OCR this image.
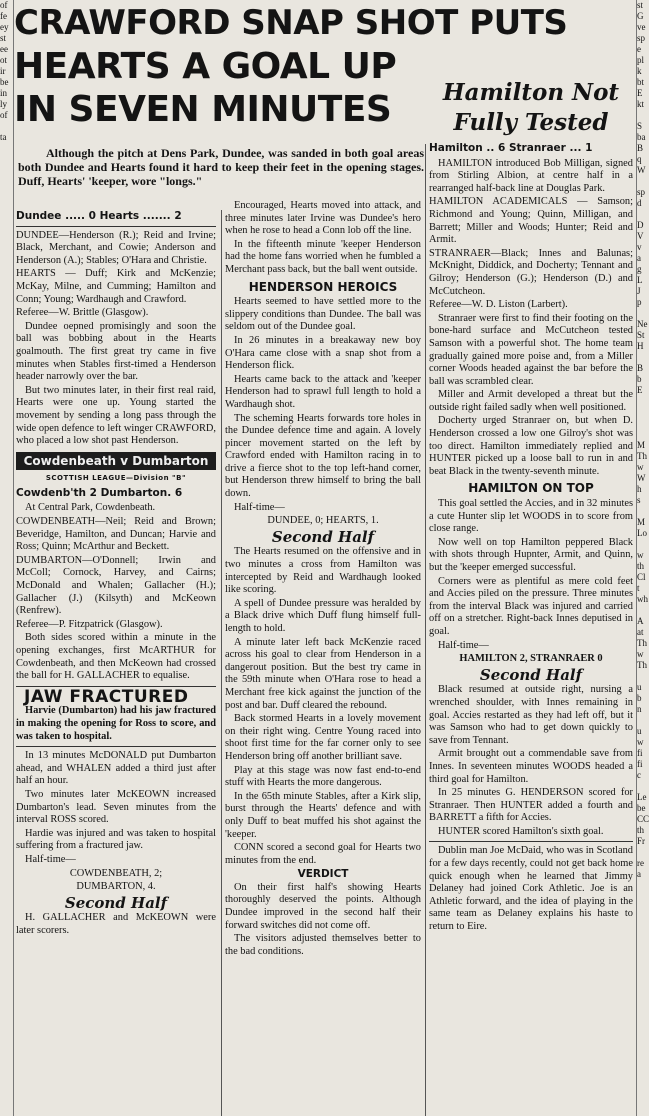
of
fe
ey
st
ee
ot
ir
be
in
ly
of

ta

st
G
ve
sp
e
pl
k
bt
E
kt

S
ba
B
q
W

sp
d

D
V
v
a
g
L
J
p

Ne
St
H

B
b
E

M
Th
w
W
h
s

M
Lo

w
th
Cl
t
wh

A
at
Th
w
Th

u
b
n

u
w
fi
fi
c

Le
be
CC
th
Fr

re
a
CRAWFORD SNAP SHOT PUTS
HEARTS A GOAL UP
IN SEVEN MINUTES

Although the pitch at Dens Park, Dundee, was sanded in both goal areas both Dundee and Hearts found it hard to keep their feet in the opening stages. Duff, Hearts' 'keeper, wore "longs."

Dundee ..... 0 Hearts ....... 2

DUNDEE—Henderson (R.); Reid and Irvine; Black, Merchant, and Cowie; Anderson and Henderson (A.); Stables; O'Hara and Christie.

HEARTS — Duff; Kirk and McKenzie; McKay, Milne, and Cumming; Hamilton and Conn; Young; Wardhaugh and Crawford.

Referee—W. Brittle (Glasgow).

Dundee oepned promisingly and soon the ball was bobbing about in the Hearts goalmouth. The first great try came in five minutes when Stables first-timed a Henderson header narrowly over the bar.

But two minutes later, in their first real raid, Hearts were one up. Young started the movement by sending a long pass through the wide open defence to left winger CRAWFORD, who placed a low shot past Henderson.

Cowdenbeath v Dumbarton
SCOTTISH LEAGUE—Division "B"
Cowdenb'th 2 Dumbarton. 6

At Central Park, Cowdenbeath.

COWDENBEATH—Neil; Reid and Brown; Beveridge, Hamilton, and Duncan; Harvie and Ross; Quinn; McArthur and Beckett.

DUMBARTON—O'Donnell; Irwin and McColl; Cornock, Harvey, and Cairns; McDonald and Whalen; Gallacher (H.); Gallacher (J.) (Kilsyth) and McKeown (Renfrew).

Referee—P. Fitzpatrick (Glasgow).

Both sides scored within a minute in the opening exchanges, first McARTHUR for Cowdenbeath, and then McKeown had crossed the ball for H. GALLACHER to equalise.

JAW FRACTURED

Harvie (Dumbarton) had his jaw fractured in making the opening for Ross to score, and was taken to hospital.

In 13 minutes McDONALD put Dumbarton ahead, and WHALEN added a third just after half an hour.

Two minutes later McKEOWN increased Dumbarton's lead. Seven minutes from the interval ROSS scored.

Hardie was injured and was taken to hospital suffering from a fractured jaw.

Half-time—

COWDENBEATH, 2;

DUMBARTON, 4.

Second Half

H. GALLACHER and McKEOWN were later scorers.

Encouraged, Hearts moved into attack, and three minutes later Irvine was Dundee's hero when he rose to head a Conn lob off the line.

In the fifteenth minute 'keeper Henderson had the home fans worried when he fumbled a Merchant pass back, but the ball went outside.

HENDERSON HEROICS

Hearts seemed to have settled more to the slippery conditions than Dundee. The ball was seldom out of the Dundee goal.

In 26 minutes in a breakaway new boy O'Hara came close with a snap shot from a Henderson flick.

Hearts came back to the attack and 'keeper Henderson had to sprawl full length to hold a Wardhaugh shot.

The scheming Hearts forwards tore holes in the Dundee defence time and again. A lovely pincer movement started on the left by Crawford ended with Hamilton racing in to drive a fierce shot to the top left-hand corner, but Henderson threw himself to bring the ball down.

Half-time—

DUNDEE, 0; HEARTS, 1.

Second Half

The Hearts resumed on the offensive and in two minutes a cross from Hamilton was intercepted by Reid and Wardhaugh looked like scoring.

A spell of Dundee pressure was heralded by a Black drive which Duff flung himself full-length to hold.

A minute later left back McKenzie raced across his goal to clear from Henderson in a dangerout position. But the best try came in the 59th minute when O'Hara rose to head a Merchant free kick against the junction of the post and bar. Duff cleared the rebound.

Back stormed Hearts in a lovely movement on their right wing. Centre Young raced into shoot first time for the far corner only to see Henderson bring off another brilliant save.

Play at this stage was now fast end-to-end stuff with Hearts the more dangerous.

In the 65th minute Stables, after a Kirk slip, burst through the Hearts' defence and with only Duff to beat muffed his shot against the 'keeper.

CONN scored a second goal for Hearts two minutes from the end.

VERDICT

On their first half's showing Hearts thoroughly deserved the points. Although Dundee improved in the second half their forward switches did not come off.

The visitors adjusted themselves better to the bad conditions.

Hamilton Not Fully Tested
Hamilton .. 6 Stranraer ... 1

HAMILTON introduced Bob Milligan, signed from Stirling Albion, at centre half in a rearranged half-back line at Douglas Park.

HAMILTON ACADEMICALS — Samson; Richmond and Young; Quinn, Milligan, and Barrett; Miller and Woods; Hunter; Reid and Armit.

STRANRAER—Black; Innes and Balunas; McKnight, Diddick, and Docherty; Tennant and Gilroy; Henderson (G.); Henderson (D.) and McCutcheon.

Referee—W. D. Liston (Larbert).

Stranraer were first to find their footing on the bone-hard surface and McCutcheon tested Samson with a powerful shot. The home team gradually gained more poise and, from a Miller corner Woods headed against the bar before the ball was scrambled clear.

Miller and Armit developed a threat but the outside right failed sadly when well positioned.

Docherty urged Stranraer on, but when D. Henderson crossed a low one Gilroy's shot was too direct. Hamilton immediately replied and HUNTER picked up a loose ball to run in and beat Black in the twenty-seventh minute.

HAMILTON ON TOP

This goal settled the Accies, and in 32 minutes a cute Hunter slip let WOODS in to score from close range.

Now well on top Hamilton peppered Black with shots through Hupnter, Armit, and Quinn, but the 'keeper emerged successful.

Corners were as plentiful as mere cold feet and Accies piled on the pressure. Three minutes from the interval Black was injured and carried off on a stretcher. Right-back Innes deputised in goal.

Half-time—

HAMILTON 2, STRANRAER 0

Second Half

Black resumed at outside right, nursing a wrenched shoulder, with Innes remaining in goal. Accies restarted as they had left off, but it was Samson who had to get down quickly to save from Tennant.

Armit brought out a commendable save from Innes. In seventeen minutes WOODS headed a third goal for Hamilton.

In 25 minutes G. HENDERSON scored for Stranraer. Then HUNTER added a fourth and BARRETT a fifth for Accies.

HUNTER scored Hamilton's sixth goal.

Dublin man Joe McDaid, who was in Scotland for a few days recently, could not get back home quick enough when he learned that Jimmy Delaney had joined Cork Athletic. Joe is an Athletic forward, and the idea of playing in the same team as Delaney explains his haste to return to Eire.
